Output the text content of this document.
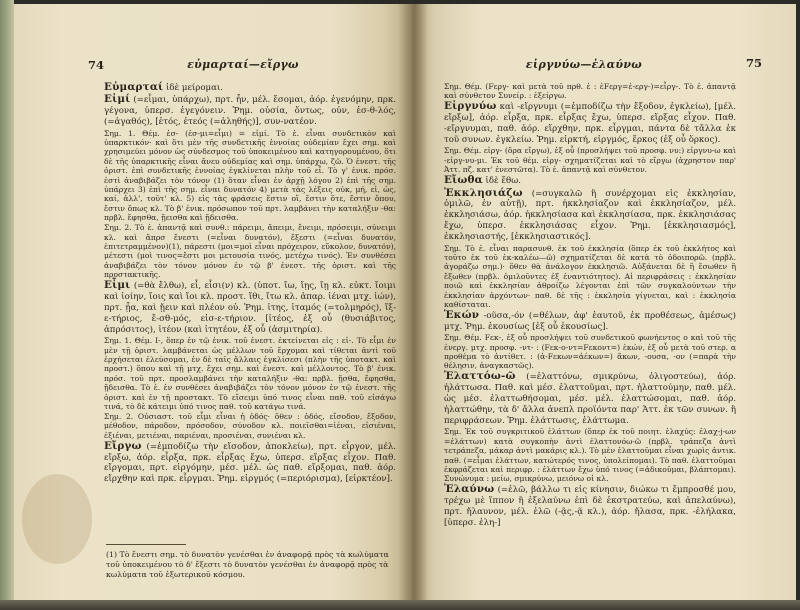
74	εὐμαρταί—εἴργω

Εὐμαρταί ἰδὲ μείρομαι.

Εἰμί (=εἶμαι, ὑπάρχω), πρτ. ἦν, μέλ. ἔσομαι, ἀόρ. ἐγενόμην, πρκ. γέγονα, ὑπερσ. ἐγεγόνειν. Ῥημ. οὐσία, ὄντως, οὐν, ἐσ-θ-λός, (=ἀγαθός), [ἐτός, ἐτεός (=ἀληθής)], συν-νατέον.

Σημ. 1. Θέμ. ἐσ- (ἐσ-μι=εἶμι) = εἰμί. Τὸ ἐ. εἶναι συνδετικὸν καὶ ὑπαρκτικόν· καὶ ὅτι μὲν τῆς συνδετικῆς ἐννοίας οὐδεμίαν ἔχει σημ. καὶ χρησιμεύει μόνον ὡς σύνδεσμος τοῦ ὑποκειμένου καὶ κατηγορουμένου, ὅτι δὲ τῆς ὑπαρκτικῆς εἶναι ἄνευ οὐδεμίας καὶ σημ. ὑπάρχω, ζῶ. Ὁ ἐνεστ. τῆς ὁριστ. ἐπὶ συνδετικῆς ἐννοίας ἐγκλίνεται πλὴν τοῦ εἶ. Τὸ γ' ἐνικ. πρόσ. ἐστὶ ἀναβιβάζει τὸν τόνον (1) ὅταν εἶναι ἐν ἀρχῇ λόγου 2) ἐπὶ τῆς σημ. ὑπάρχει 3) ἐπὶ τῆς σημ. εἶναι δυνατόν 4) μετὰ τὰς λέξεις οὐκ, μή, εἰ, ὡς, καί, ἀλλ', τοῦτ' κλ. 5) εἰς τὰς φράσεις ἔστιν οἵ, ἔστιν ὅτε, ἔστιν ὅπου, ἔστιν ὅπως κλ. Τὸ β' ἐνικ. πρόσωπον τοῦ πρτ. λαμβάνει τὴν καταλήξιν -θα: πρβλ. ἔφησθα, ᾔεισθα καὶ ᾔδεισθα.

Σημ. 2. Τὸ ἐ. ἀπαντᾷ καὶ συνθ.: πάρειμι, ἄπειμι, ἔνειμι, πρόσειμι, σύνειμι κλ. καὶ ἄπρσ ἔνεστι (=εἶναι δυνατόν), ἔξεστι (=εἶναι δυνατόν, ἐπιτετραμμένον)(1), πάρεστι (μοι=μοὶ εἶναι πρόχειρον, εὔκολον, δυνατόν), μέτεστι (μοὶ τινος=ἔστι μοι μετουσία τινός, μετέχω τινός). Ἐν συνθέσει ἀναβιβάζει τὸν τόνον μόνον ἐν τῷ β' ἐνεστ. τῆς ὁριστ. καὶ τῆς προστακτικῆς.

Εἶμι (=θὰ ἔλθω), εἶ, εἶσι(ν) κλ. (ὑποτ. ἴω, ἴῃς, ἴῃ κλ. εὐκτ. ἴοιμι καὶ ἰοίην, ἴοις καὶ ἴοι κλ. προστ. ἴθι, ἴτω κλ. ἀπαρ. ἰέναι μτχ. ἰών), πρτ. ᾖα, καὶ ᾔειν καὶ πλέον οὐ. Ῥημ. ἰτης, ἰταμός (=τολμηρός), ἴξ-ε-τήριος, ἔ-σθ-μός, εἰσ-ε-τήριον. [ἰτέος, ἐξ οὗ (θυσιάβιτος, ἀπρόσιτος), ἰτέον (καὶ ἰτητέον, ἐξ οὗ (ἀσμιτηρία).

Σημ. 1. Θέμ. Ι-, ὅπερ ἐν τῷ ἑνικ. τοῦ ἐνεστ. ἐκτείνεται εἰς : εἰ-. Τὸ εἶμι ἐν μὲν τῇ ὁριστ. λαμβάνεται ὡς μέλλων τοῦ ἔρχομαι καὶ τίθεται ἀντὶ τοῦ ἐρχήσεται ἐλεύσομαι, ἐν δὲ ταῖς ἄλλαις ἐγκλίσεσι (πλὴν τῆς ὑποτακτ. καὶ προστ.) ὅπου καὶ τῇ μτχ. ἔχει σημ. καὶ ἐνεστ. καὶ μέλλοντος. Τὸ β' ἐνικ. πρόσ. τοῦ πρτ. προσλαμβάνει τὴν καταλήξιν -θα: πρβλ. ᾔσθα, ἔφησθα, ᾔδεισθα. Τὸ ἐ. ἐν συνθέσει ἀναβιβάζει τὸν τόνον μόνον ἐν τῷ ἐνεστ. τῆς ὁριστ. καὶ ἐν τῇ προστακτ. Τὸ εἴσειμι ὑπό τινος εἶναι παθ. τοῦ εἰσάγω τινά, τὸ δὲ κάτειμι ὑπό τινος παθ. τοῦ κατάγω τινά.

Σημ. 2. Οὐσιαστ. τοῦ εἶμι εἶναι ἡ ὁδός· ὅθεν : ὁδός, εἴσοδον, ἔξοδον, μέθοδον, πάροδον, πρόσοδον, σύνοδον κλ. ποιεῖσθαι=ἰέναι, εἰσιέναι, ἐξιέναι, μετιέναι, παριέναι, προσιέναι, συνιέναι κλ.

Εἴργω (=ἐμποδίζω τὴν εἴσοδον, ἀποκλείω), πρτ. εἶργον, μέλ. εἴρξω, ἀόρ. εἶρξα, πρκ. εἶρξας ἔχω, ὑπερσ. εἴρξας εἶχον. Παθ. εἴργομαι, πρτ. εἰργόμην, μέσ. μέλ. ὡς παθ. εἴρξομαι, παθ. ἀόρ. εἴρχθην καὶ πρκ. εἶργμαι. Ῥημ. εἰργμός (=περιόρισμα), [εἰρκτέον].

(1) Τὸ ἔνεστι σημ. τὸ δυνατὸν γενέσθαι ἐν ἀναφορᾷ πρὸς τὰ κωλύματα τοῦ ὑποκειμένου τὸ δ' ἔξεστι τὸ δυνατὸν γενέσθαι ἐν ἀναφορᾷ πρὸς τὰ κωλύματα τοῦ ἐξωτερικοῦ κόσμου.

εἰργνύω—ἐλαύνω	75

Σημ. Θέμ. (Fεργ- καὶ μετὰ τοῦ πρθ. ἐ : ἐFεργ=ἐ-εργ-)=εἶργ-. Τὸ ἐ. ἀπαντᾷ καὶ σύνθετον Συνείρ. : ἐξείργω.

Εἰργνύω καὶ -εἴργνυμι (=ἐμποδίζω τὴν ἔξοδον, ἐγκλείω), [μέλ. εἴρξω], ἀόρ. εἶρξα, πρκ. εἶρξας ἔχω, ὑπερσ. εἴρξας εἶχον. Παθ. -εἴργνυμαι, παθ. ἀόρ. εἴρχθην, πρκ. εἶργμαι, πάντα δὲ τἄλλα ἐκ τοῦ συνων. ἐγκλείω. Ῥημ. εἰρκτή, εἰργμός, ἕρκος (ἐξ οὗ ὅρκος).

Σημ. Θέμ. εἰργ- (ὅρα εἴργω), ἐξ οὗ (προσλήψει τοῦ προσφ. νυ:) εἰργνυ-ω καὶ -εἰργ-νυ-μι. Ἐκ τοῦ θέμ. εἰργ- σχηματίζεται καὶ τὸ εἴργω (ἀχρηστον παρ' Ἀττ. πζ. κατ' ἐνεστῶτα). Τὸ ἐ. ἀπαντᾷ καὶ σύνθετον.

Εἴωθα ἰδὲ ἔθω.

Ἐκκλησιάζω (=συγκαλῶ ἢ συνέρχομαι εἰς ἐκκλησίαν, ὁμιλῶ, ἐν αὐτῇ), πρτ. ἠκκλησίαζον καὶ ἐκκλησίαζον, μέλ. ἐκκλησιάσω, ἀόρ. ἠκκλησίασα καὶ ἐκκλησίασα, πρκ. ἐκκλησιάσας ἔχω, ὑπερσ. ἐκκλησιάσας εἶχον. Ῥημ. [ἐκκλησιασμός], ἐκκλησιαστής, [ἐκκλησιαστικός].

Σημ. Τὸ ἐ. εἶναι παρασυνθ. ἐκ τοῦ ἐκκλησία (ὅπερ ἐκ τοῦ ἐκκλήτος καὶ τοῦτο ἐκ τοῦ ἐκ-καλέω—ῶ) σχηματίζεται δὲ κατὰ τὸ ὁδοιπορῶ. (πρβλ. ἀγοράζω σημ.)· ὅθεν θὰ ἀνάλογον ἐκκλησιῶ. Αὐξάνεται δὲ ἢ ἔσωθεν ἢ ἔξωθεν (πρβλ. ὁμιλοῦντες ἐξ ἐναντιότητος). Αἱ περιφράσεις : ἐκκλησίαν ποιῶ καὶ ἐκκλησίαν ἀθροίζω λέγονται ἐπὶ τῶν συγκαλούντων τὴν ἐκκλησίαν ἀρχόντων· παθ. δὲ τῆς : ἐκκλησία γίγνεται, καὶ : ἐκκλησία καθίσταται.

Ἑκών -οῦσα,-όν (=θέλων, ἀφ' ἑαυτοῦ, ἐκ προθέσεως, ἀμέσως) μτχ. Ῥημ. ἑκουσίως [ἐξ οὗ ἑκουσίως].

Σημ. Θέμ. Fεκ-, ἐξ οὗ προσλήψει τοῦ συνδετικοῦ φωνήεντος ο καὶ τοῦ τῆς ἐνεργ. μτχ. προσφ. -ντ- : (Fεκ-ο-ντ=Fεκοντ=) ἑκών, ἐξ οὗ μετὰ τοῦ στερ. α προθέμα τὸ ἀντίθετ. : (ἀ-Fεκων=ἀέκων=) ἄκων, -ουσα, -ον (=παρὰ τὴν θέλησιν, ἀναγκαστῶς).

Ἐλαττόω-ῶ (=ἐλαττόνω, σμικρύνω, ὀλιγοστεύω), ἀόρ. ἠλάττωσα. Παθ. καὶ μέσ. ἐλαττοῦμαι, πρτ. ἠλαττούμην, παθ. μέλ. ὡς μέσ. ἐλαττωθήσομαι, μέσ. μέλ. ἐλαττώσομαι, παθ. ἀόρ. ἠλαττώθην, τὰ δ' ἄλλα ἀνεπλ προϊόντα παρ' Ἀττ. ἐκ τῶν συνων. ἢ περιφράσεων. Ῥημ. ἐλάττωσις, ἐλάττωμα.

Σημ. Ἐκ τοῦ συγκριτικοῦ ἐλάττων (ὅπερ ἐκ τοῦ ποιητ. ἐλαχύς: ἐλαχ-j-ων =ἐλάττων) κατὰ συγκοπὴν ἀντὶ ἐλαττονόω-ῶ (πρβλ. τράπεζα ἀντὶ τετράπεζα, μάκαρ ἀντὶ μακάρις κλ.). Τὸ μὲν ἐλαττοῦμαι εἶναι χωρὶς ἀντικ. παθ. (=εἶμαι ἐλάττων, κατώτερός τινος, ὑπολείπομαι). Τὸ παθ. ἐλαττοῦμαι ἐκφράζεται καὶ περιφρ. : ἐλάττων ἔχω ὑπό τινος (=ἀδικοῦμαι, βλάπτομαι). Συνώνυμα : μείω, σμικρύνω, μειόνω οἱ κλ.

Ἐλαύνω (=ἐλῶ, βάλλω τι εἰς κίνησιν, διώκω τι ἔμπροσθέ μου, τρέχω μὲ ἵππον ἢ ἐξελαύνω ἐπὶ δὲ ἐκστρατεύω, καὶ ἀπελαύνω), πρτ. ἤλαυνον, μέλ. ἐλῶ (-ᾷς,-ᾷ κλ.), ἀόρ. ἤλασα, πρκ. -ἐλήλακα, [ὑπερσ. ἐλη-]
